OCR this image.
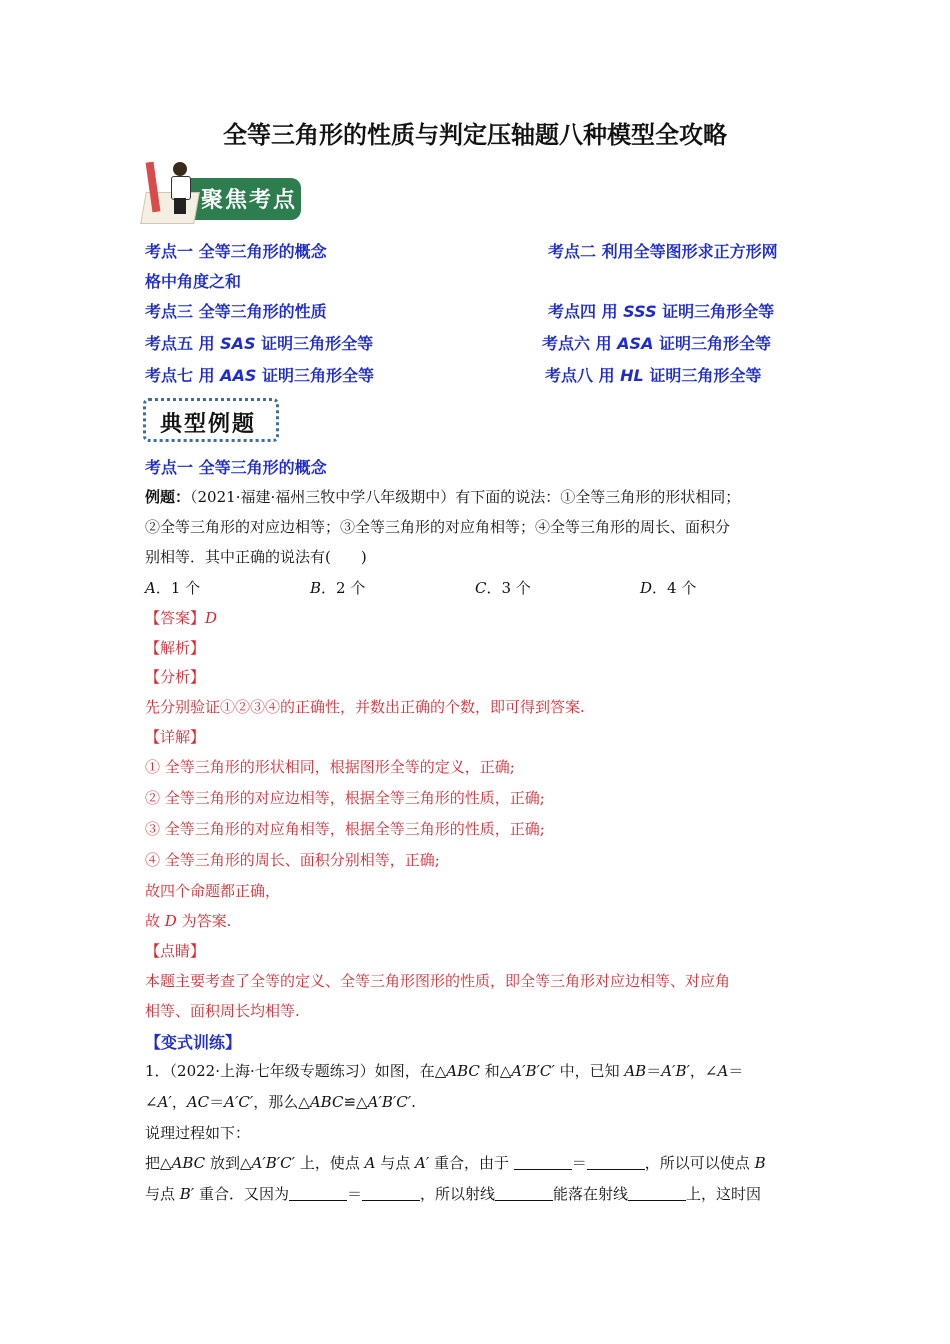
全等三角形的性质与判定压轴题八种模型全攻略
聚焦考点
考点一 全等三角形的概念	考点二 利用全等图形求正方形网
格中角度之和
考点三 全等三角形的性质	考点四 用 SSS 证明三角形全等
考点五 用 SAS 证明三角形全等	考点六 用 ASA 证明三角形全等
考点七 用 AAS 证明三角形全等	考点八 用 HL 证明三角形全等
典型例题
考点一 全等三角形的概念
例题：（2021·福建·福州三牧中学八年级期中）有下面的说法：①全等三角形的形状相同；
②全等三角形的对应边相等；③全等三角形的对应角相等；④全等三角形的周长、面积分
别相等．其中正确的说法有(　　)
A．1 个	B．2 个	C．3 个	D．4 个
【答案】D
【解析】
【分析】
先分别验证①②③④的正确性，并数出正确的个数，即可得到答案.
【详解】
① 全等三角形的形状相同，根据图形全等的定义，正确;
② 全等三角形的对应边相等，根据全等三角形的性质，正确;
③ 全等三角形的对应角相等，根据全等三角形的性质，正确;
④ 全等三角形的周长、面积分别相等，正确;
故四个命题都正确，
故 D 为答案.
【点睛】
本题主要考查了全等的定义、全等三角形图形的性质，即全等三角形对应边相等、对应角
相等、面积周长均相等.
【变式训练】
1．（2022·上海·七年级专题练习）如图，在△ABC 和△A′B′C′ 中，已知 AB＝A′B′，∠A＝
∠A′，AC＝A′C′，那么△ABC≌△A′B′C′.
说理过程如下：
把△ABC 放到△A′B′C′ 上，使点 A 与点 A′ 重合，由于	＝	，所以可以使点 B
与点 B′ 重合．又因为	＝	，所以射线	能落在射线	上，这时因
